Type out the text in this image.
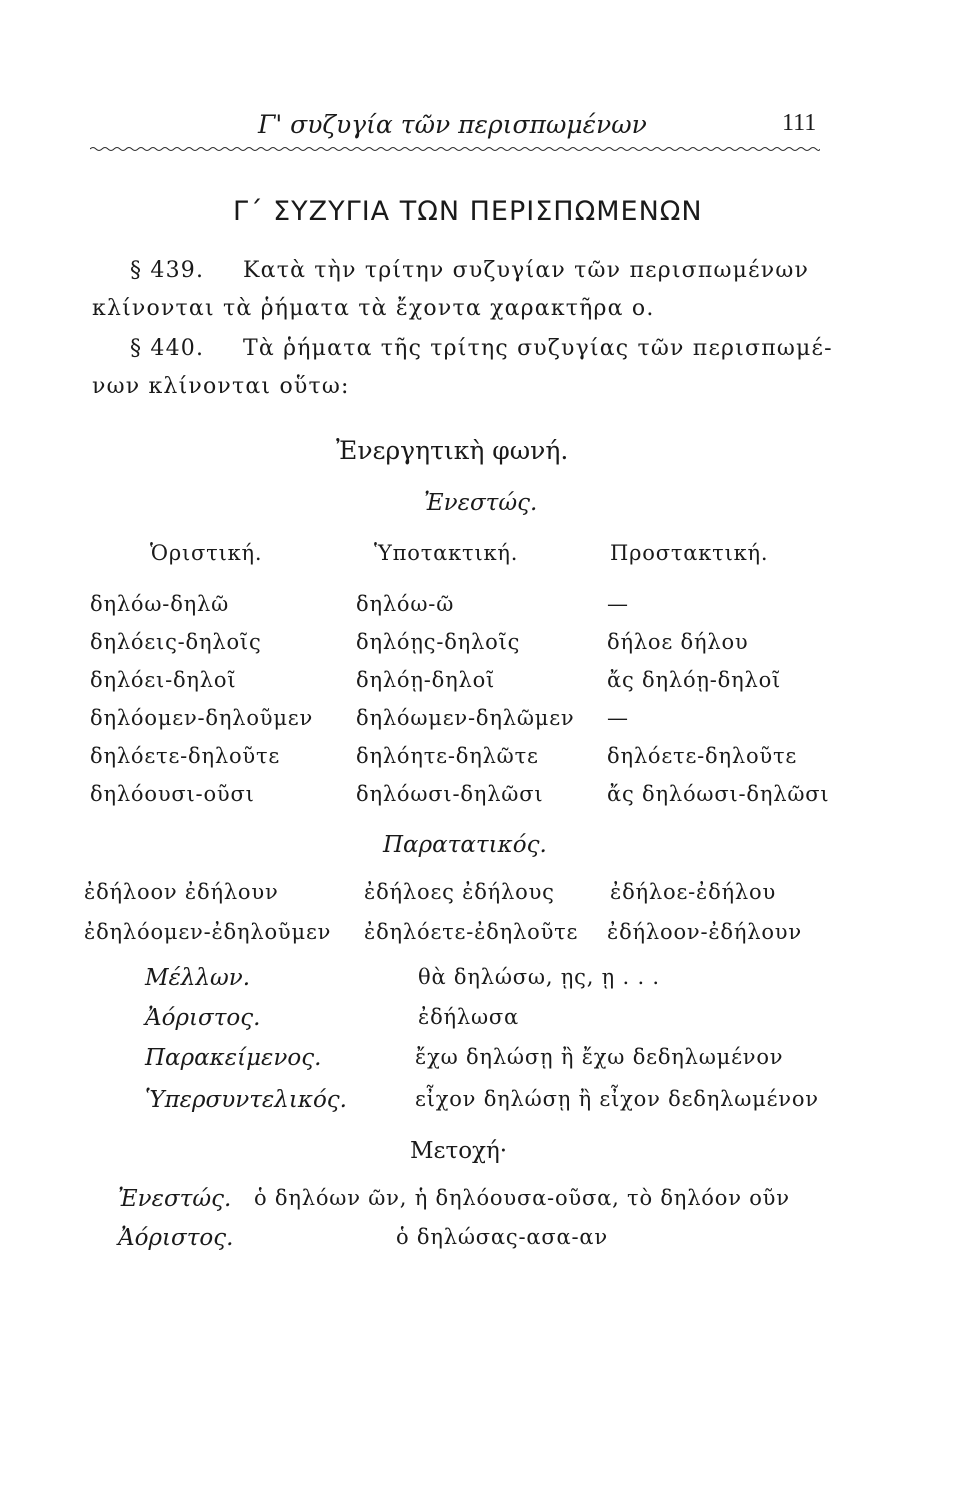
Γ' συζυγία τῶν περισπωμένων	111
Γ΄ ΣΥΖΥΓΙΑ ΤΩΝ ΠΕΡΙΣΠΩΜΕΝΩΝ
§ 439. Κατὰ τὴν τρίτην συζυγίαν τῶν περισπωμένων
κλίνονται τὰ ῥήματα τὰ ἔχοντα χαρακτῆρα ο.
§ 440. Τὰ ῥήματα τῆς τρίτης συζυγίας τῶν περισπωμέ-
νων κλίνονται οὕτω:
Ἐνεργητικὴ φωνή.
Ἐνεστώς.
Ὁριστική.	Ὑποτακτική.	Προστακτική.
δηλόω-δηλῶ	δηλόω-ῶ	—
δηλόεις-δηλοῖς	δηλόῃς-δηλοῖς	δήλοε δήλου
δηλόει-δηλοῖ	δηλόῃ-δηλοῖ	ἄς δηλόῃ-δηλοῖ
δηλόομεν-δηλοῦμεν δηλόωμεν-δηλῶμεν —
δηλόετε-δηλοῦτε	δηλόητε-δηλῶτε	δηλόετε-δηλοῦτε
δηλόουσι-οῦσι	δηλόωσι-δηλῶσι	ἄς δηλόωσι-δηλῶσι
Παρατατικός.
ἐδήλοον ἐδήλουν	ἐδήλοες ἐδήλους	ἐδήλοε-ἐδήλου
ἐδηλόομεν-ἐδηλοῦμεν ἐδηλόετε-ἐδηλοῦτε ἐδήλοον-ἐδήλουν
Μέλλων.	θὰ δηλώσω, ῃς, ῃ . . .
Ἀόριστος.	ἐδήλωσα
Παρακείμενος.	ἔχω δηλώσῃ ἢ ἔχω δεδηλωμένον
Ὑπερσυντελικός.	εἶχον δηλώσῃ ἢ εἶχον δεδηλωμένον
Μετοχή·
Ἐνεστώς. ὁ δηλόων ῶν, ἡ δηλόουσα-οῦσα, τὸ δηλόον οῦν
Ἀόριστος.	ὁ δηλώσας-ασα-αν
